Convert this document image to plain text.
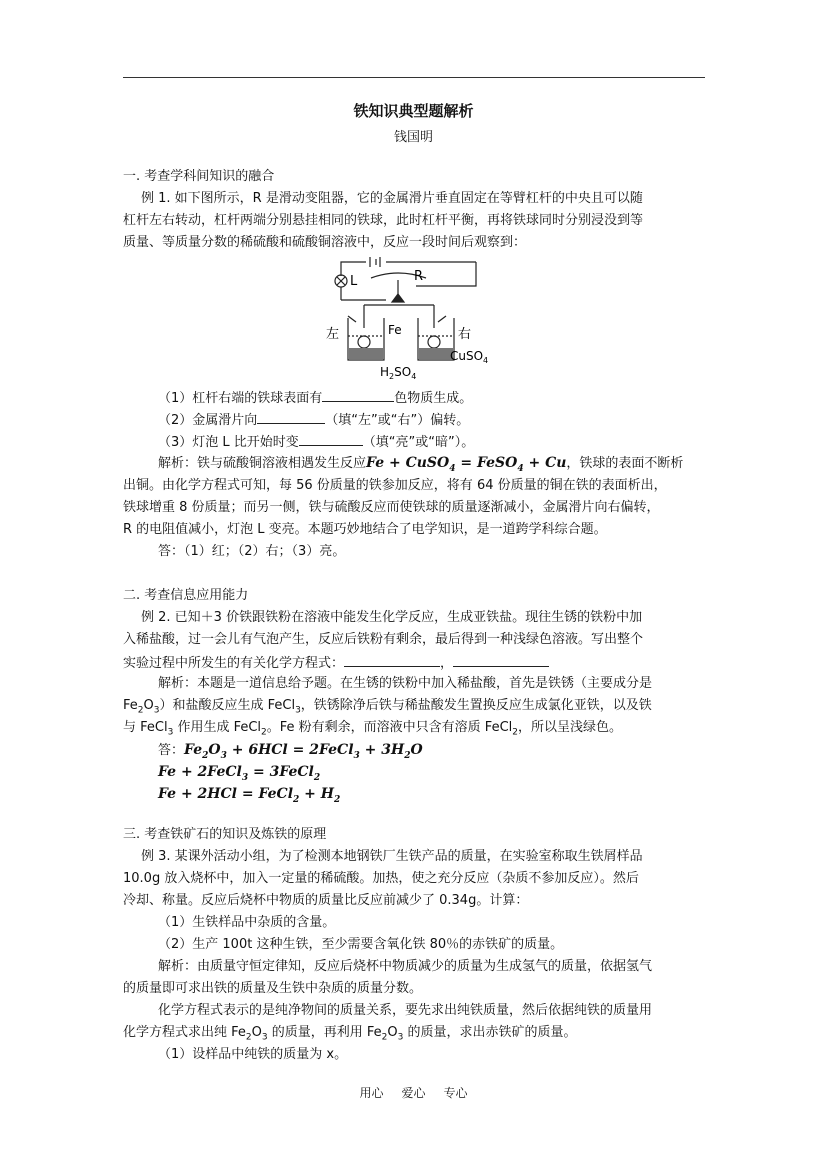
铁知识典型题解析
钱国明
一. 考查学科间知识的融合
例 1. 如下图所示，R 是滑动变阻器，它的金属滑片垂直固定在等臂杠杆的中央且可以随
杠杆左右转动，杠杆两端分别悬挂相同的铁球，此时杠杆平衡，再将铁球同时分别浸没到等
质量、等质量分数的稀硫酸和硫酸铜溶液中，反应一段时间后观察到：
L	R
左	右
Fe
CuSO$_4$
$H_2SO_4$
（1）杠杆右端的铁球表面有	色物质生成。
（2）金属滑片向	（填“左”或“右”）偏转。
（3）灯泡 L 比开始时变	（填“亮”或“暗”）。
解析：铁与硫酸铜溶液相遇发生反应Fe + CuSO$_4$ = FeSO$_4$ + Cu，铁球的表面不断析
出铜。由化学方程式可知，每 56 份质量的铁参加反应，将有 64 份质量的铜在铁的表面析出，
铁球增重 8 份质量；而另一侧，铁与硫酸反应而使铁球的质量逐渐减小，金属滑片向右偏转，
R 的电阻值减小，灯泡 L 变亮。本题巧妙地结合了电学知识，是一道跨学科综合题。
答：（1）红；（2）右；（3）亮。
二. 考查信息应用能力
例 2. 已知＋3 价铁跟铁粉在溶液中能发生化学反应，生成亚铁盐。现往生锈的铁粉中加
入稀盐酸，过一会儿有气泡产生，反应后铁粉有剩余，最后得到一种浅绿色溶液。写出整个
实验过程中所发生的有关化学方程式：	，
解析：本题是一道信息给予题。在生锈的铁粉中加入稀盐酸，首先是铁锈（主要成分是
$Fe_2O_3$）和盐酸反应生成 FeCl$_3$，铁锈除净后铁与稀盐酸发生置换反应生成氯化亚铁，以及铁
与 FeCl$_3$ 作用生成 FeCl$_2$。Fe 粉有剩余，而溶液中只含有溶质 FeCl$_2$，所以呈浅绿色。
答：$Fe_2O_3 + 6HCl$ = 2FeCl$_3$ + $3H_2O$
Fe + 2FeCl$_3$ = 3FeCl$_2$
Fe + 2HCl = FeCl$_2$ + $H_2$
三. 考查铁矿石的知识及炼铁的原理
例 3. 某课外活动小组，为了检测本地钢铁厂生铁产品的质量，在实验室称取生铁屑样品
10.0g 放入烧杯中，加入一定量的稀硫酸。加热，使之充分反应（杂质不参加反应）。然后
冷却、称量。反应后烧杯中物质的质量比反应前减少了 0.34g。计算：
（1）生铁样品中杂质的含量。
（2）生产 100t 这种生铁，至少需要含氧化铁 80％的赤铁矿的质量。
解析：由质量守恒定律知，反应后烧杯中物质减少的质量为生成氢气的质量，依据氢气
的质量即可求出铁的质量及生铁中杂质的质量分数。
化学方程式表示的是纯净物间的质量关系，要先求出纯铁质量，然后依据纯铁的质量用
化学方程式求出纯 $Fe_2O_3$ 的质量，再利用 $Fe_2O_3$ 的质量，求出赤铁矿的质量。
（1）设样品中纯铁的质量为 x。
用心 爱心 专心
